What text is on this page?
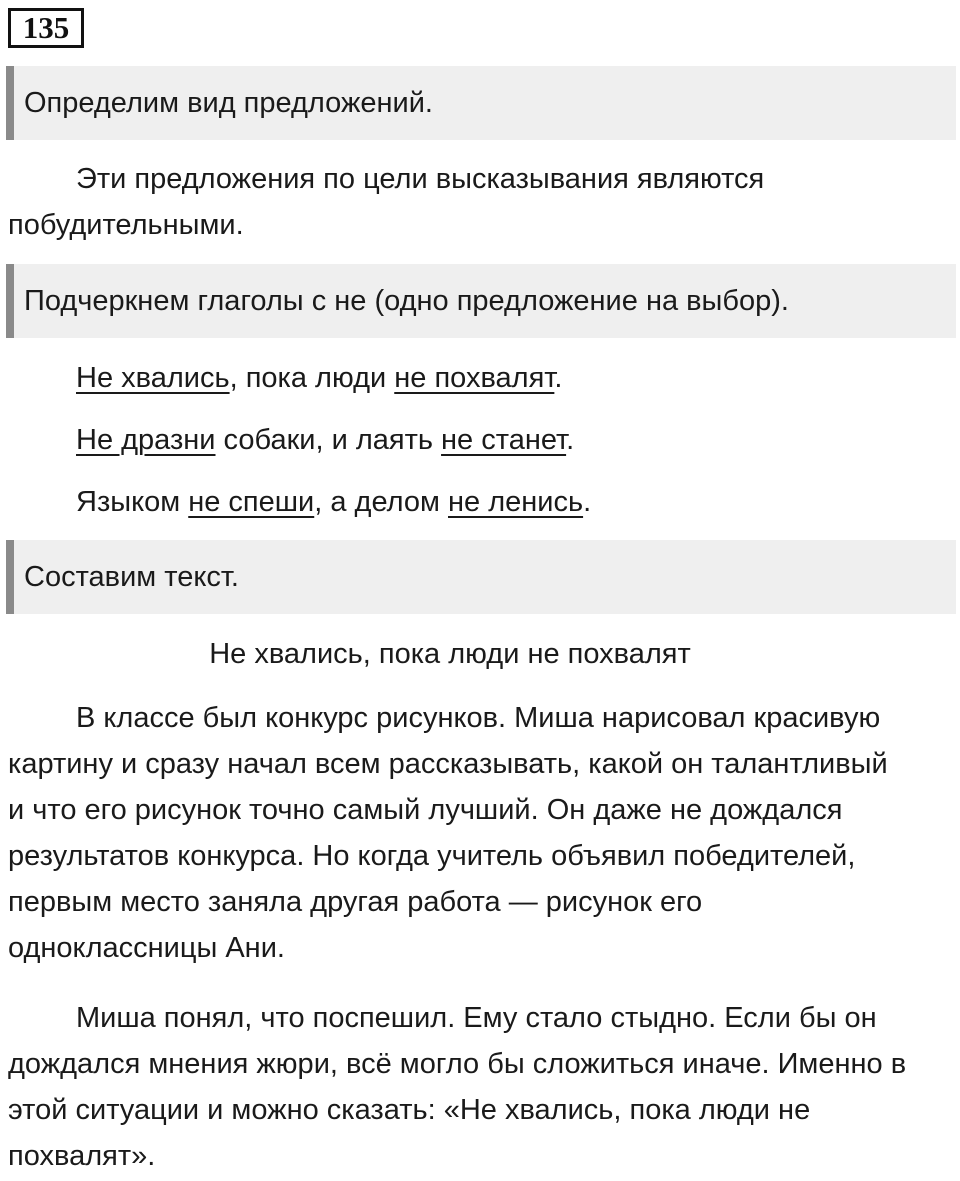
135
Определим вид предложений.

Эти предложения по цели высказывания являются побудительными.

Подчеркнем глаголы с не (одно предложение на выбор).
Не хвались, пока люди не похвалят.
Не дразни собаки, и лаять не станет.
Языком не спеши, а делом не ленись.
Составим текст.
Не хвались, пока люди не похвалят

В классе был конкурс рисунков. Миша нарисовал красивую картину и сразу начал всем рассказывать, какой он талантливый и что его рисунок точно самый лучший. Он даже не дождался результатов конкурса. Но когда учитель объявил победителей, первым место заняла другая работа — рисунок его одноклассницы Ани.

Миша понял, что поспешил. Ему стало стыдно. Если бы он дождался мнения жюри, всё могло бы сложиться иначе. Именно в этой ситуации и можно сказать: «Не хвались, пока люди не похвалят».
